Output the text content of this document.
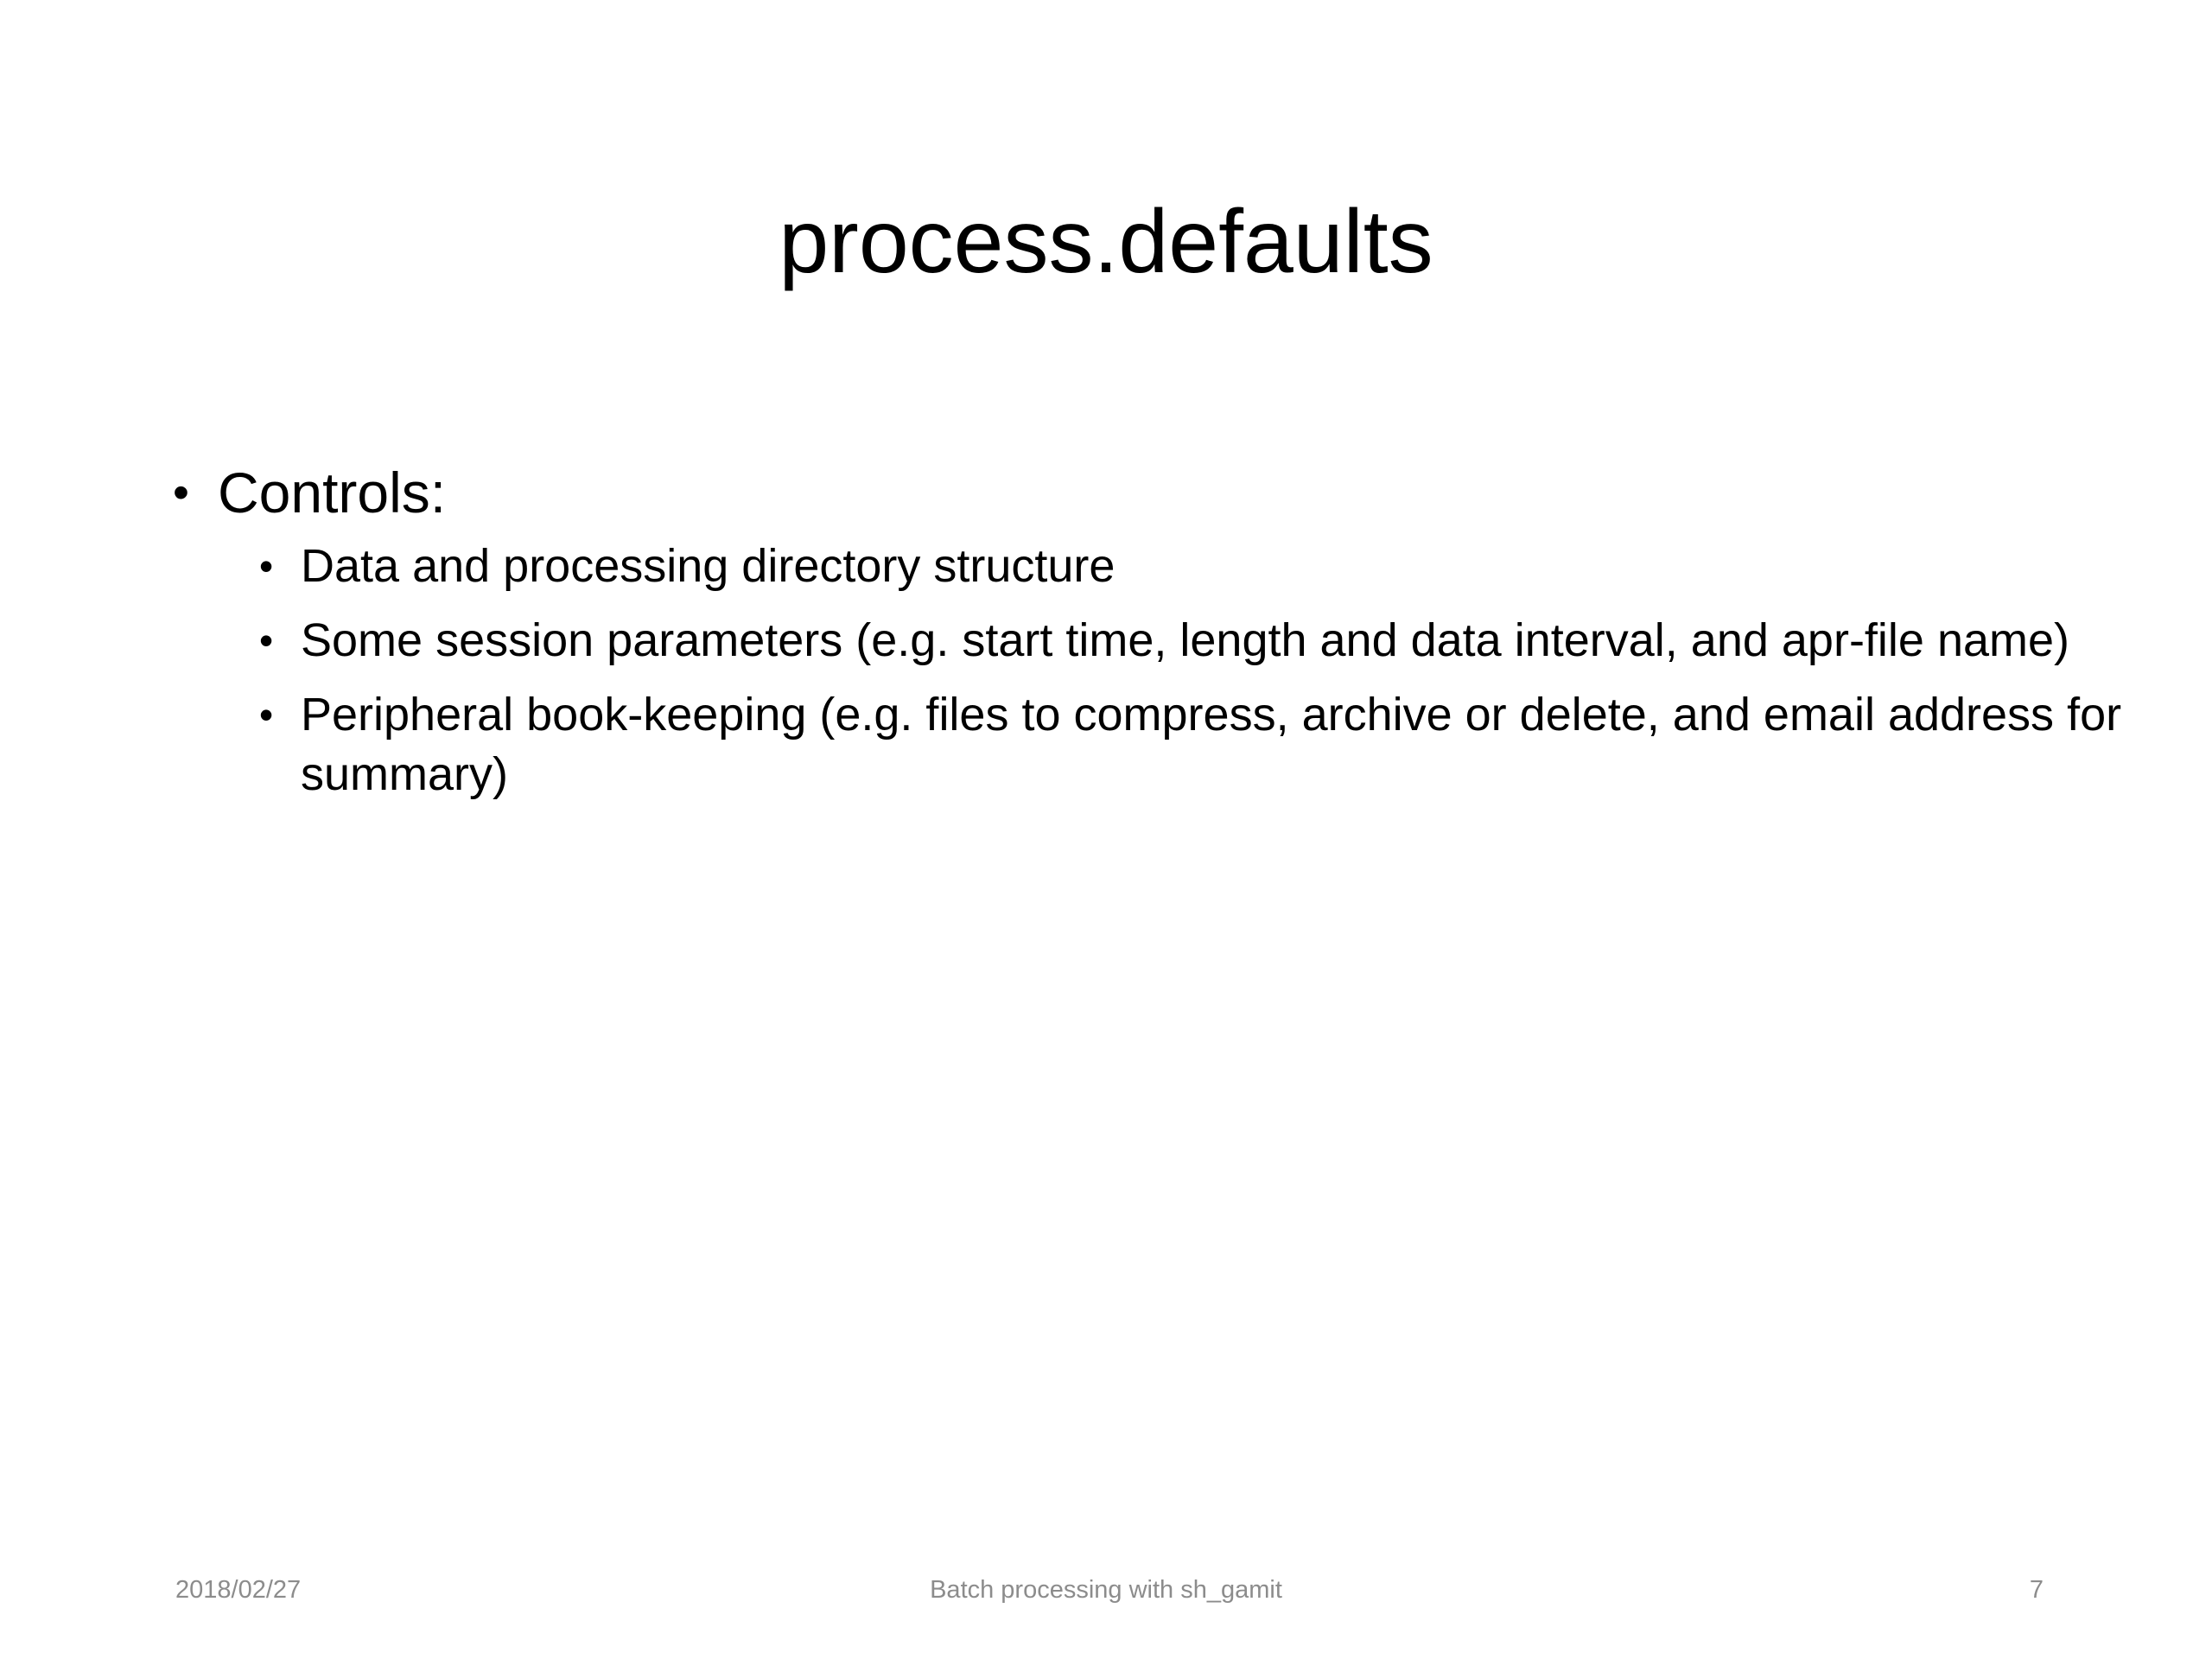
process.defaults
• Controls:
• Data and processing directory structure
• Some session parameters (e.g. start time, length and data interval, and apr-file name)
• Peripheral book-keeping (e.g. files to compress, archive or delete, and email address for summary)
2018/02/27	Batch processing with sh_gamit	7
